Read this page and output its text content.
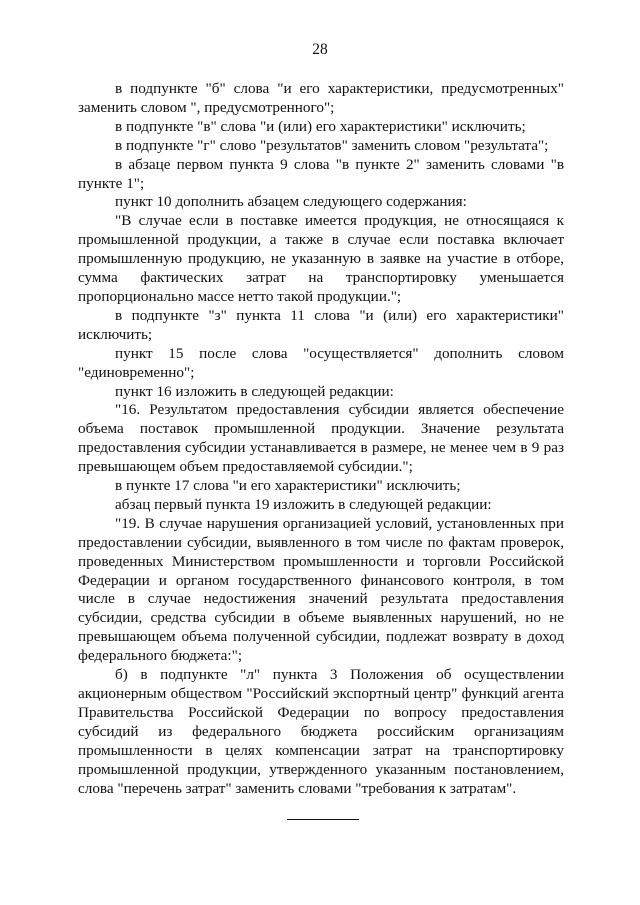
28

в подпункте "б" слова "и его характеристики, предусмотренных" заменить словом ", предусмотренного";

в подпункте "в" слова "и (или) его характеристики" исключить;

в подпункте "г" слово "результатов" заменить словом "результата";

в абзаце первом пункта 9 слова "в пункте 2" заменить словами "в пункте 1";

пункт 10 дополнить абзацем следующего содержания:

"В случае если в поставке имеется продукция, не относящаяся к промышленной продукции, а также в случае если поставка включает промышленную продукцию, не указанную в заявке на участие в отборе, сумма фактических затрат на транспортировку уменьшается пропорционально массе нетто такой продукции.";

в подпункте "з" пункта 11 слова "и (или) его характеристики" исключить;

пункт 15 после слова "осуществляется" дополнить словом "единовременно";

пункт 16 изложить в следующей редакции:

"16. Результатом предоставления субсидии является обеспечение объема поставок промышленной продукции. Значение результата предоставления субсидии устанавливается в размере, не менее чем в 9 раз превышающем объем предоставляемой субсидии.";

в пункте 17 слова "и его характеристики" исключить;

абзац первый пункта 19 изложить в следующей редакции:

"19. В случае нарушения организацией условий, установленных при предоставлении субсидии, выявленного в том числе по фактам проверок, проведенных Министерством промышленности и торговли Российской Федерации и органом государственного финансового контроля, в том числе в случае недостижения значений результата предоставления субсидии, средства субсидии в объеме выявленных нарушений, но не превышающем объема полученной субсидии, подлежат возврату в доход федерального бюджета:";

б) в подпункте "л" пункта 3 Положения об осуществлении акционерным обществом "Российский экспортный центр" функций агента Правительства Российской Федерации по вопросу предоставления субсидий из федерального бюджета российским организациям промышленности в целях компенсации затрат на транспортировку промышленной продукции, утвержденного указанным постановлением, слова "перечень затрат" заменить словами "требования к затратам".
